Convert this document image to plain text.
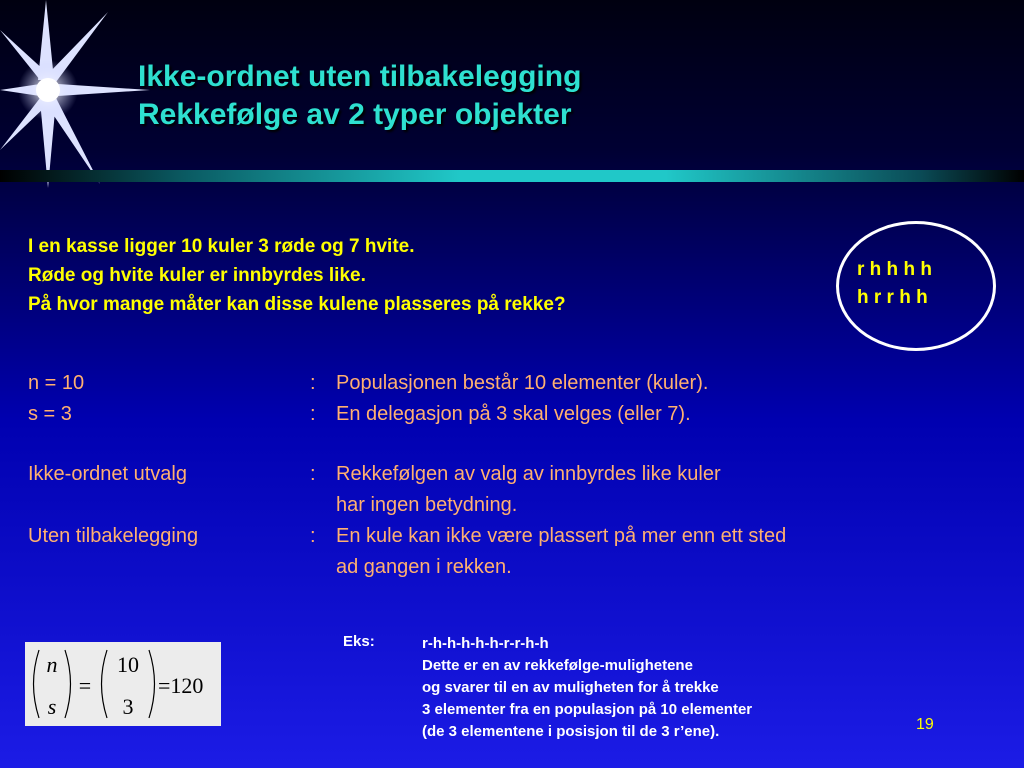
Ikke-ordnet uten tilbakelegging
Rekkefølge av 2 typer objekter
I en kasse ligger 10 kuler 3 røde og 7 hvite.
Røde og hvite kuler er innbyrdes like.
På hvor mange måter kan disse kulene plasseres på rekke?
r h h h h
h r r h h
n = 10	: Populasjonen består 10 elementer (kuler).
s = 3	: En delegasjon på 3 skal velges (eller 7).
Ikke-ordnet utvalg	: Rekkefølgen av valg av innbyrdes like kuler
har ingen betydning.
Uten tilbakelegging	: En kule kan ikke være plassert på mer enn ett sted
ad gangen i rekken.
n
s
=
10
3
=120
Eks:	r-h-h-h-h-h-r-r-h-h
Dette er en av rekkefølge-mulighetene
og svarer til en av muligheten for å trekke
3 elementer fra en populasjon på 10 elementer
(de 3 elementene i posisjon til de 3 r’ene).	19
